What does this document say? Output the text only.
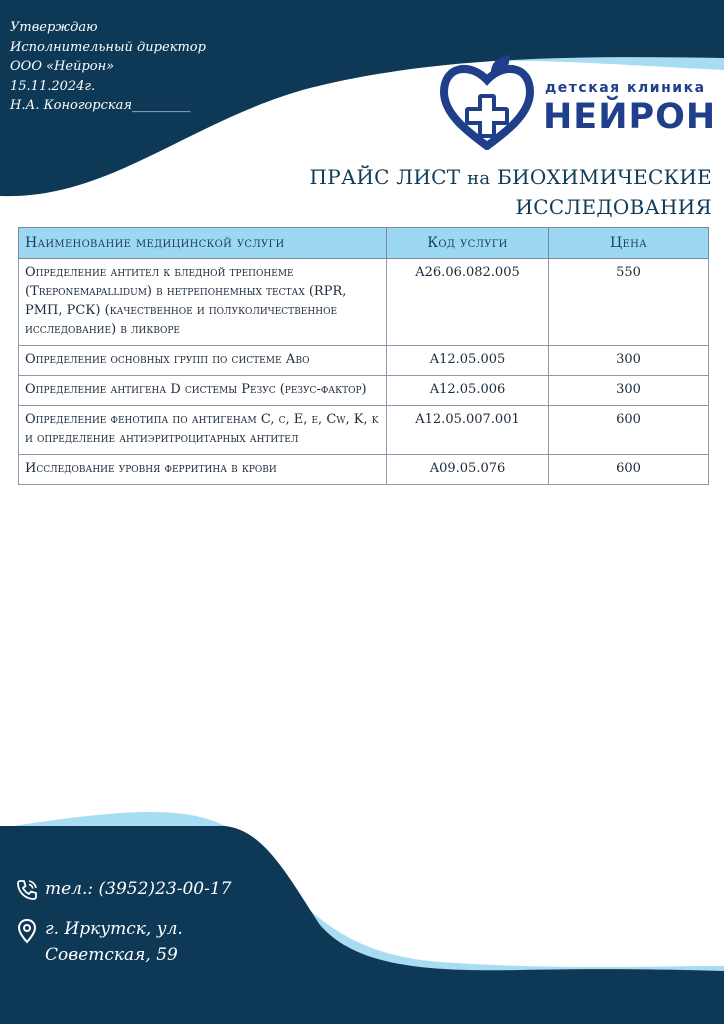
Утверждаю
Исполнительный директор
ООО «Нейрон»
15.11.2024г.
Н.А. Коногорская_________
детская клиника
НЕЙРОН
ПРАЙС ЛИСТ на БИОХИМИЧЕСКИЕ
ИССЛЕДОВАНИЯ
Наименование медицинской услуги	Код услуги	Цена
Определение антител к бледной трепонеме (Treponemapallidum) в нетрепонемных тестах (RPR, РМП, РСК) (качественное и полуколичественное исследование) в ликворе	A26.06.082.005	550
Определение основных групп по системе Аво	A12.05.005	300
Определение антигена D системы Резус (резус-фактор)	A12.05.006	300
Определение фенотипа по антигенам C, c, E, e, Cw, K, k и определение антиэритроцитарных антител	A12.05.007.001	600
Исследование уровня ферритина в крови	A09.05.076	600
тел.: (3952)23-00-17
г. Иркутск, ул.
Советская, 59
